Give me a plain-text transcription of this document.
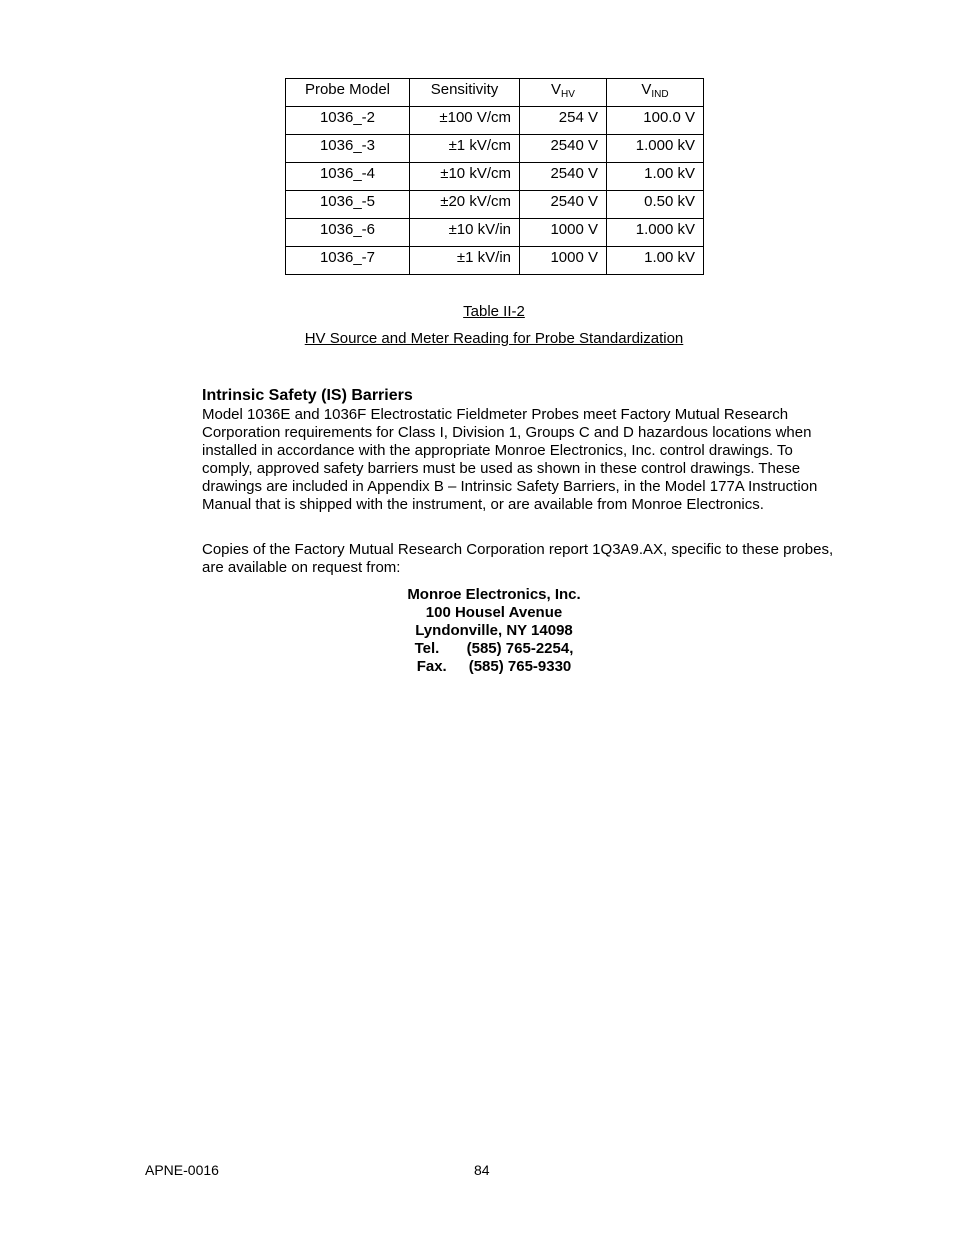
Probe Model	Sensitivity	$V_{HV}$	$V_{IND}$
1036_-2	±100 V/cm	254 V	100.0 V
1036_-3	±1 kV/cm	2540 V	1.000 kV
1036_-4	±10 kV/cm	2540 V	1.00 kV
1036_-5	±20 kV/cm	2540 V	0.50 kV
1036_-6	±10 kV/in	1000 V	1.000 kV
1036_-7	±1 kV/in	1000 V	1.00 kV
Table II-2
HV Source and Meter Reading for Probe Standardization
Intrinsic Safety (IS) Barriers

Model 1036E and 1036F Electrostatic Fieldmeter Probes meet Factory Mutual Research Corporation requirements for Class I, Division 1, Groups C and D hazardous locations when installed in accordance with the appropriate Monroe Electronics, Inc. control drawings. To comply, approved safety barriers must be used as shown in these control drawings. These drawings are included in Appendix B – Intrinsic Safety Barriers, in the Model 177A Instruction Manual that is shipped with the instrument, or are available from Monroe Electronics.

Copies of the Factory Mutual Research Corporation report 1Q3A9.AX, specific to these probes, are available on request from:

Monroe Electronics, Inc.
100 Housel Avenue
Lyndonville, NY 14098
Tel. (585) 765-2254,
Fax. (585) 765-9330
APNE-0016	84
